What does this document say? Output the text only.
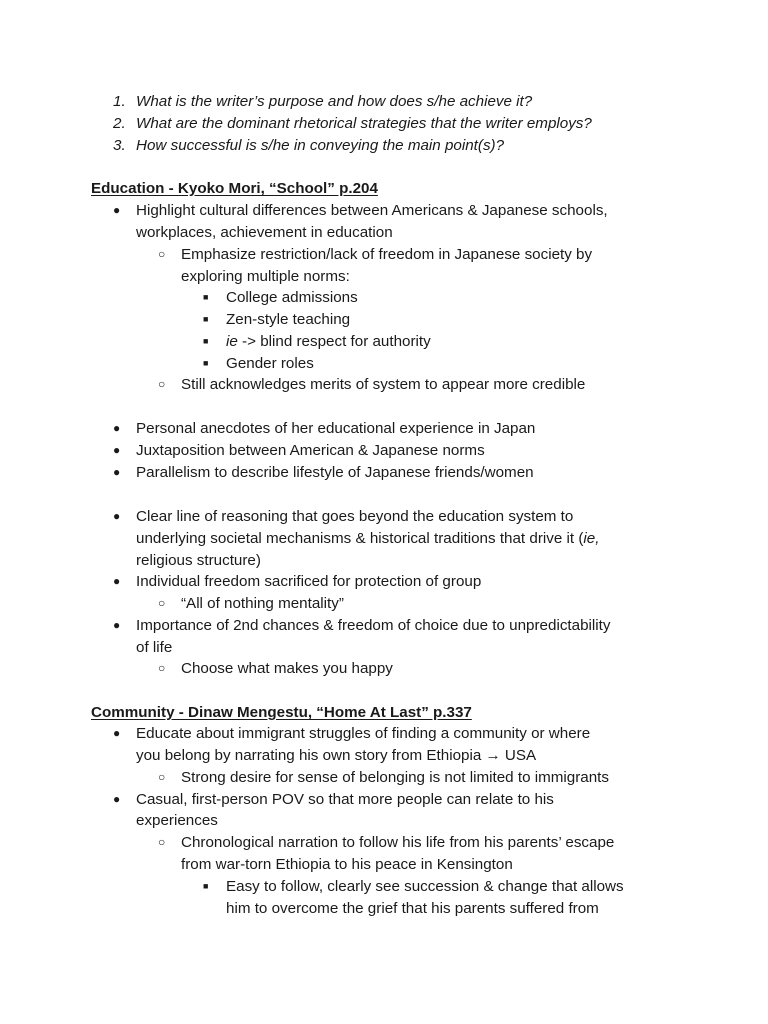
1. What is the writer’s purpose and how does s/he achieve it?
2. What are the dominant rhetorical strategies that the writer employs?
3. How successful is s/he in conveying the main point(s)?
Education - Kyoko Mori, “School” p.204
● Highlight cultural differences between Americans & Japanese schools,
workplaces, achievement in education
○ Emphasize restriction/lack of freedom in Japanese society by
exploring multiple norms:
■ College admissions
■ Zen-style teaching
■ ie -> blind respect for authority
■ Gender roles
○ Still acknowledges merits of system to appear more credible
● Personal anecdotes of her educational experience in Japan
● Juxtaposition between American & Japanese norms
● Parallelism to describe lifestyle of Japanese friends/women
● Clear line of reasoning that goes beyond the education system to
underlying societal mechanisms & historical traditions that drive it (ie,
religious structure)
● Individual freedom sacrificed for protection of group
○ “All of nothing mentality”
● Importance of 2nd chances & freedom of choice due to unpredictability
of life
○ Choose what makes you happy
Community - Dinaw Mengestu, “Home At Last” p.337
● Educate about immigrant struggles of finding a community or where
you belong by narrating his own story from Ethiopia → USA
○ Strong desire for sense of belonging is not limited to immigrants
● Casual, first-person POV so that more people can relate to his
experiences
○ Chronological narration to follow his life from his parents’ escape
from war-torn Ethiopia to his peace in Kensington
■ Easy to follow, clearly see succession & change that allows
him to overcome the grief that his parents suffered from
